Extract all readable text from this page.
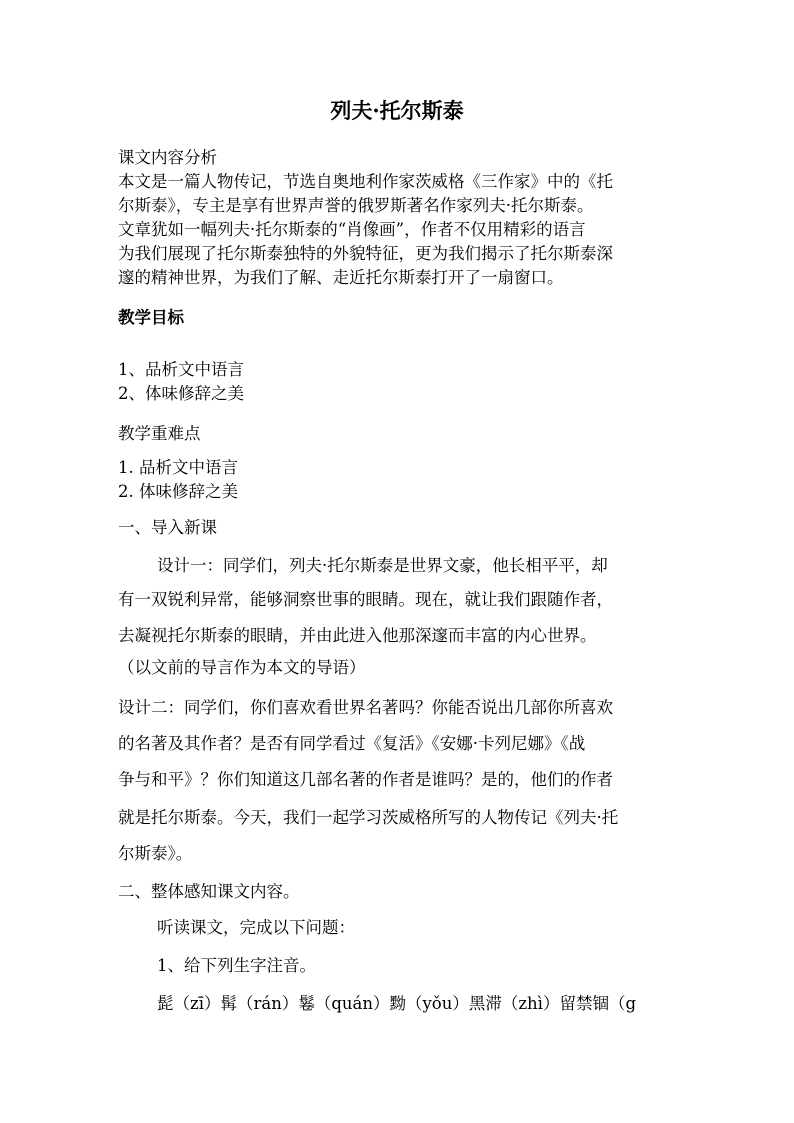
列夫·托尔斯泰
课文内容分析
本文是一篇人物传记，节选自奥地利作家茨威格《三作家》中的《托
尔斯泰》，专主是享有世界声誉的俄罗斯著名作家列夫·托尔斯泰。
文章犹如一幅列夫·托尔斯泰的“肖像画”，作者不仅用精彩的语言
为我们展现了托尔斯泰独特的外貌特征，更为我们揭示了托尔斯泰深
邃的精神世界，为我们了解、走近托尔斯泰打开了一扇窗口。
教学目标
1、品析文中语言
2、体味修辞之美
教学重难点
1. 品析文中语言
2. 体味修辞之美
一、导入新课
设计一：同学们，列夫·托尔斯泰是世界文豪，他长相平平，却
有一双锐利异常，能够洞察世事的眼睛。现在，就让我们跟随作者，
去凝视托尔斯泰的眼睛，并由此进入他那深邃而丰富的内心世界。
（以文前的导言作为本文的导语）
设计二：同学们，你们喜欢看世界名著吗？你能否说出几部你所喜欢
的名著及其作者？是否有同学看过《复活》《安娜·卡列尼娜》《战
争与和平》？你们知道这几部名著的作者是谁吗？是的，他们的作者
就是托尔斯泰。今天，我们一起学习茨威格所写的人物传记《列夫·托
尔斯泰》。
二、整体感知课文内容。
听读课文，完成以下问题：
1、给下列生字注音。
髭（zī）髯（rán）鬈（quán）黝（yǒu）黑滞（zhì）留禁锢（g
